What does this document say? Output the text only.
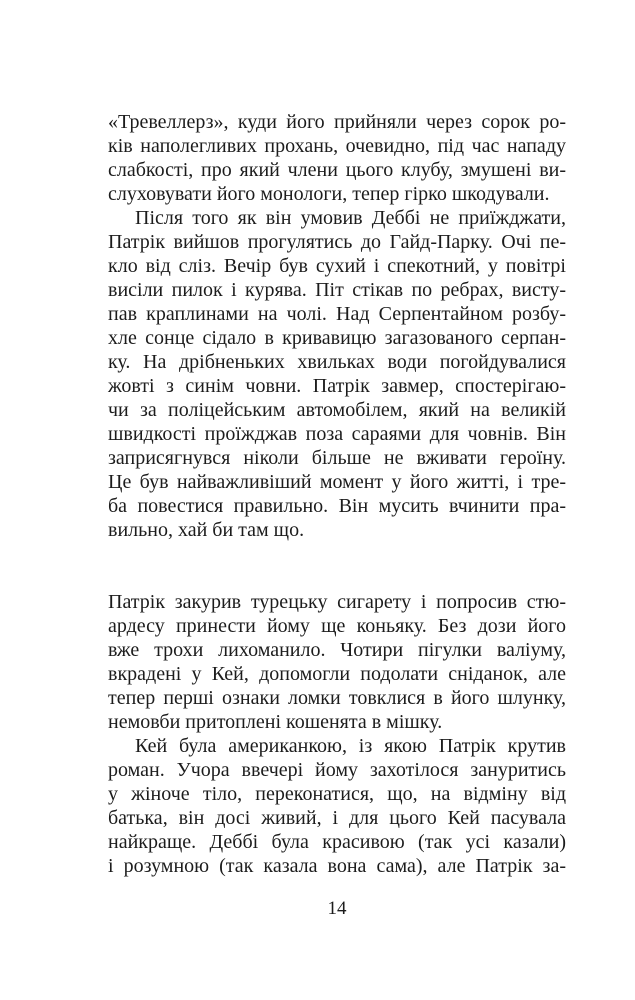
«Тревеллерз», куди його прийняли через сорок ро-
ків наполегливих прохань, очевидно, під час нападу
слабкості, про який члени цього клубу, змушені ви-
слуховувати його монологи, тепер гірко шкодували.

Після того як він умовив Деббі не приїжджати,
Патрік вийшов прогулятись до Гайд-Парку. Очі пе-
кло від сліз. Вечір був сухий і спекотний, у повітрі
висіли пилок і курява. Піт стікав по ребрах, висту-
пав краплинами на чолі. Над Серпентайном розбу-
хле сонце сідало в кривавицю загазованого серпан-
ку. На дрібненьких хвильках води погойдувалися
жовті з синім човни. Патрік завмер, спостерігаю-
чи за поліцейським автомобілем, який на великій
швидкості проїжджав поза сараями для човнів. Він
заприсягнувся ніколи більше не вживати героїну.
Це був найважливіший момент у його житті, і тре-
ба повестися правильно. Він мусить вчинити пра-
вильно, хай би там що.

Патрік закурив турецьку сигарету і попросив стю-
ардесу принести йому ще коньяку. Без дози його
вже трохи лихоманило. Чотири пігулки валіуму,
вкрадені у Кей, допомогли подолати сніданок, але
тепер перші ознаки ломки товклися в його шлунку,
немовби притоплені кошенята в мішку.

Кей була американкою, із якою Патрік крутив
роман. Учора ввечері йому захотілося зануритись
у жіноче тіло, переконатися, що, на відміну від
батька, він досі живий, і для цього Кей пасувала
найкраще. Деббі була красивою (так усі казали)
і розумною (так казала вона сама), але Патрік за-

14
